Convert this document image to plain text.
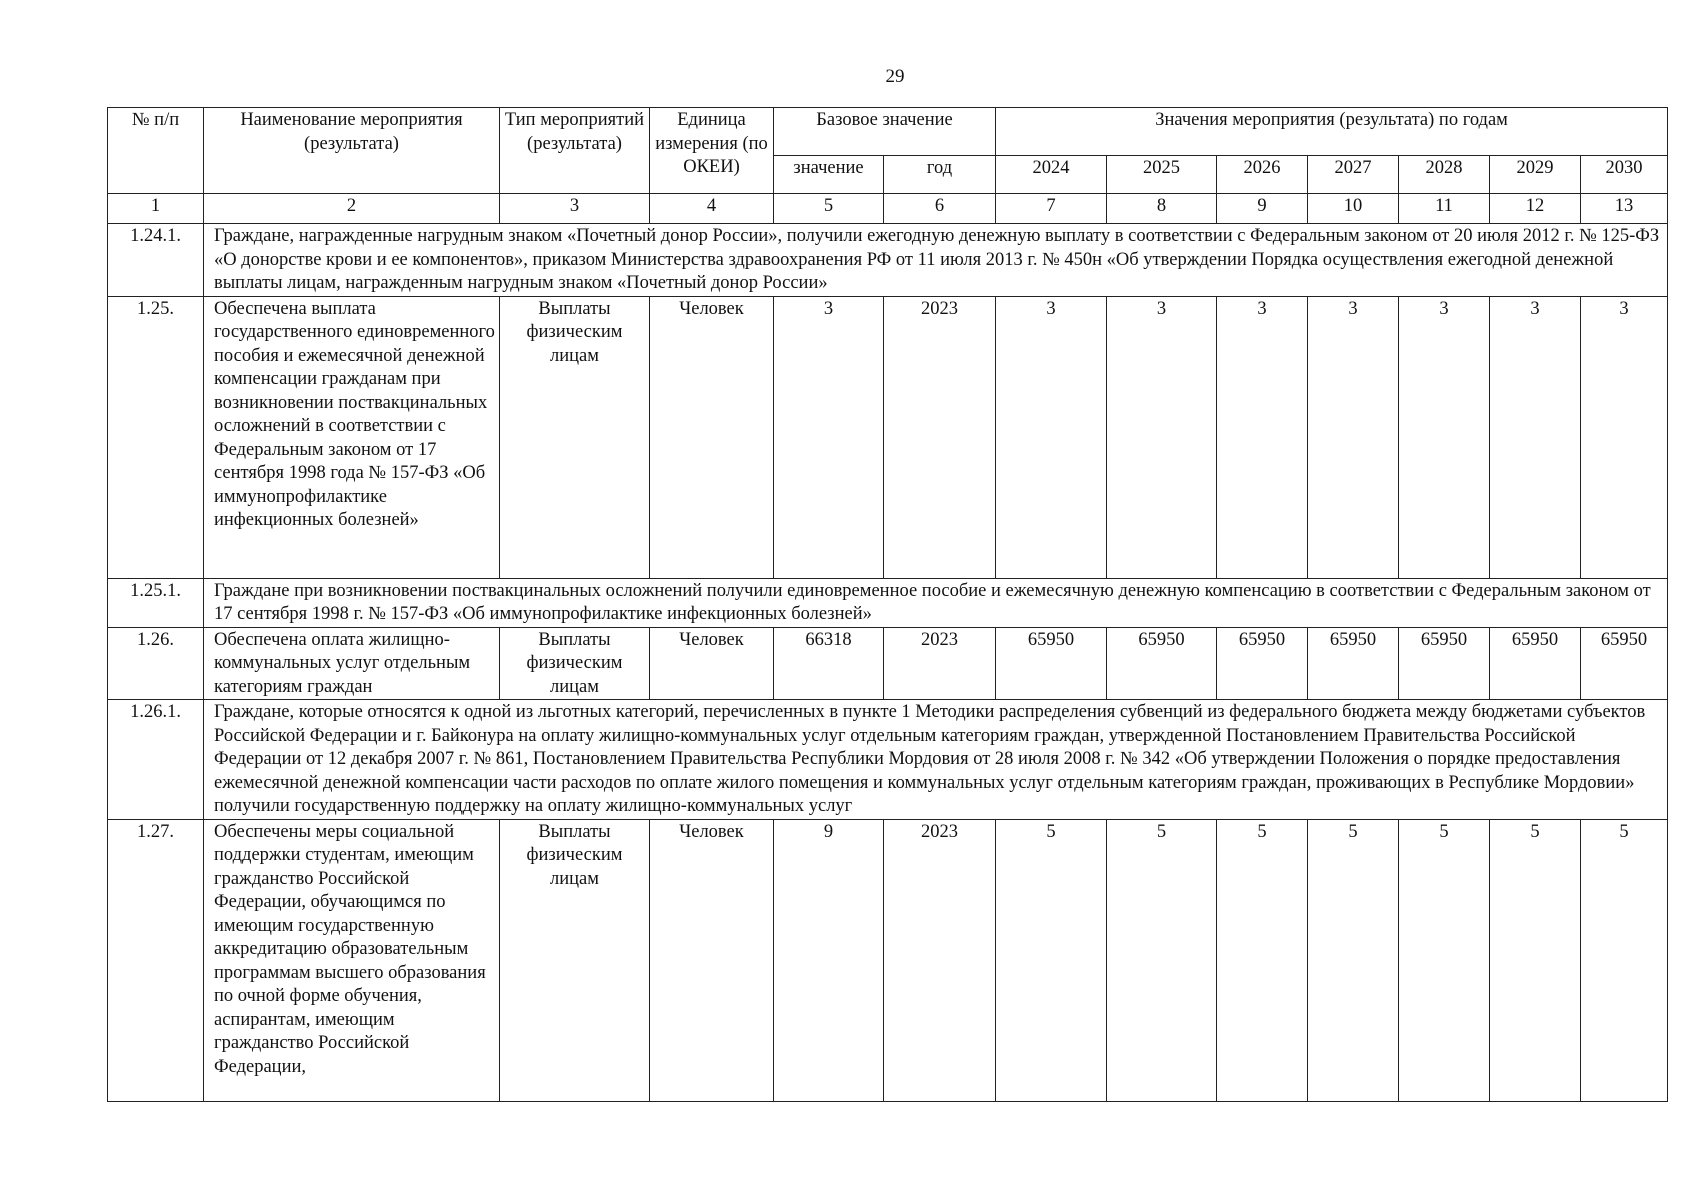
29
№ п/п	Наименование мероприятия (результата)	Тип мероприятий (результата)	Единица измерения (по ОКЕИ)	Базовое значение		Значения мероприятия (результата) по годам						
				значение	год	2024	2025	2026	2027	2028	2029	2030
1	2	3	4	5	6	7	8	9	10	11	12	13
1.24.1.	Граждане, награжденные нагрудным знаком «Почетный донор России», получили ежегодную денежную выплату в соответствии с Федеральным законом от 20 июля 2012 г. № 125-ФЗ «О донорстве крови и ее компонентов», приказом Министерства здравоохранения РФ от 11 июля 2013 г. № 450н «Об утверждении Порядка осуществления ежегодной денежной выплаты лицам, награжденным нагрудным знаком «Почетный донор России»											
1.25.	Обеспечена выплата государственного единовременного пособия и ежемесячной денежной компенсации гражданам при возникновении поствакцинальных осложнений в соответствии с Федеральным законом от 17 сентября 1998 года № 157-ФЗ «Об иммунопрофилактике инфекционных болезней»	Выплаты физическим лицам	Человек	3	2023	3	3	3	3	3	3	3
1.25.1.	Граждане при возникновении поствакцинальных осложнений получили единовременное пособие и ежемесячную денежную компенсацию в соответствии с Федеральным законом от 17 сентября 1998 г. № 157-ФЗ «Об иммунопрофилактике инфекционных болезней»											
1.26.	Обеспечена оплата жилищно-коммунальных услуг отдельным категориям граждан	Выплаты физическим лицам	Человек	66318	2023	65950	65950	65950	65950	65950	65950	65950
1.26.1.	Граждане, которые относятся к одной из льготных категорий, перечисленных в пункте 1 Методики распределения субвенций из федерального бюджета между бюджетами субъектов Российской Федерации и г. Байконура на оплату жилищно-коммунальных услуг отдельным категориям граждан, утвержденной Постановлением Правительства Российской Федерации от 12 декабря 2007 г. № 861, Постановлением Правительства Республики Мордовия от 28 июля 2008 г. № 342 «Об утверждении Положения о порядке предоставления ежемесячной денежной компенсации части расходов по оплате жилого помещения и коммунальных услуг отдельным категориям граждан, проживающих в Республике Мордовии» получили государственную поддержку на оплату жилищно-коммунальных услуг											
1.27.	Обеспечены меры социальной поддержки студентам, имеющим гражданство Российской Федерации, обучающимся по имеющим государственную аккредитацию образовательным программам высшего образования по очной форме обучения, аспирантам, имеющим гражданство Российской Федерации,	Выплаты физическим лицам	Человек	9	2023	5	5	5	5	5	5	5
